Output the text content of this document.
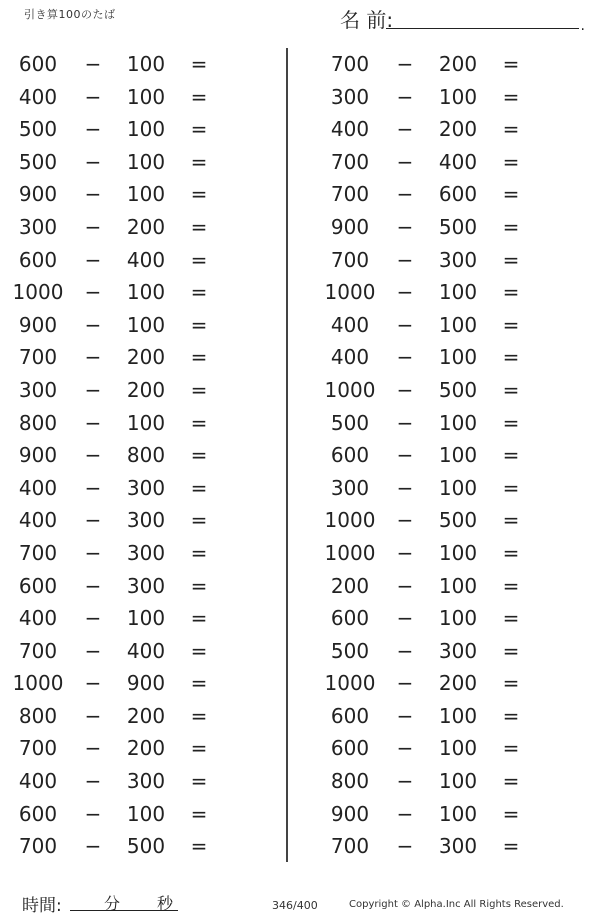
引き算100のたば	名 前:	.
600	−	100	=
400	−	100	=
500	−	100	=
500	−	100	=
900	−	100	=
300	−	200	=
600	−	400	=
1000 −	100	=
900	−	100	=
700	−	200	=
300	−	200	=
800	−	100	=
900	−	800	=
400	−	300	=
400	−	300	=
700	−	300	=
600	−	300	=
400	−	100	=
700	−	400	=
1000 −	900	=
800	−	200	=
700	−	200	=
400	−	300	=
600	−	100	=
700	−	500	=
700	−	200	=
300	−	100	=
400	−	200	=
700	−	400	=
700	−	600	=
900	−	500	=
700	−	300	=
1000 −	100	=
400	−	100	=
400	−	100	=
1000 −	500	=
500	−	100	=
600	−	100	=
300	−	100	=
1000 −	500	=
1000 −	100	=
200	−	100	=
600	−	100	=
500	−	300	=
1000 −	200	=
600	−	100	=
600	−	100	=
800	−	100	=
900	−	100	=
700	−	300	=
時間:	分 秒	346/400	Copyright © Alpha.Inc All Rights Reserved.
